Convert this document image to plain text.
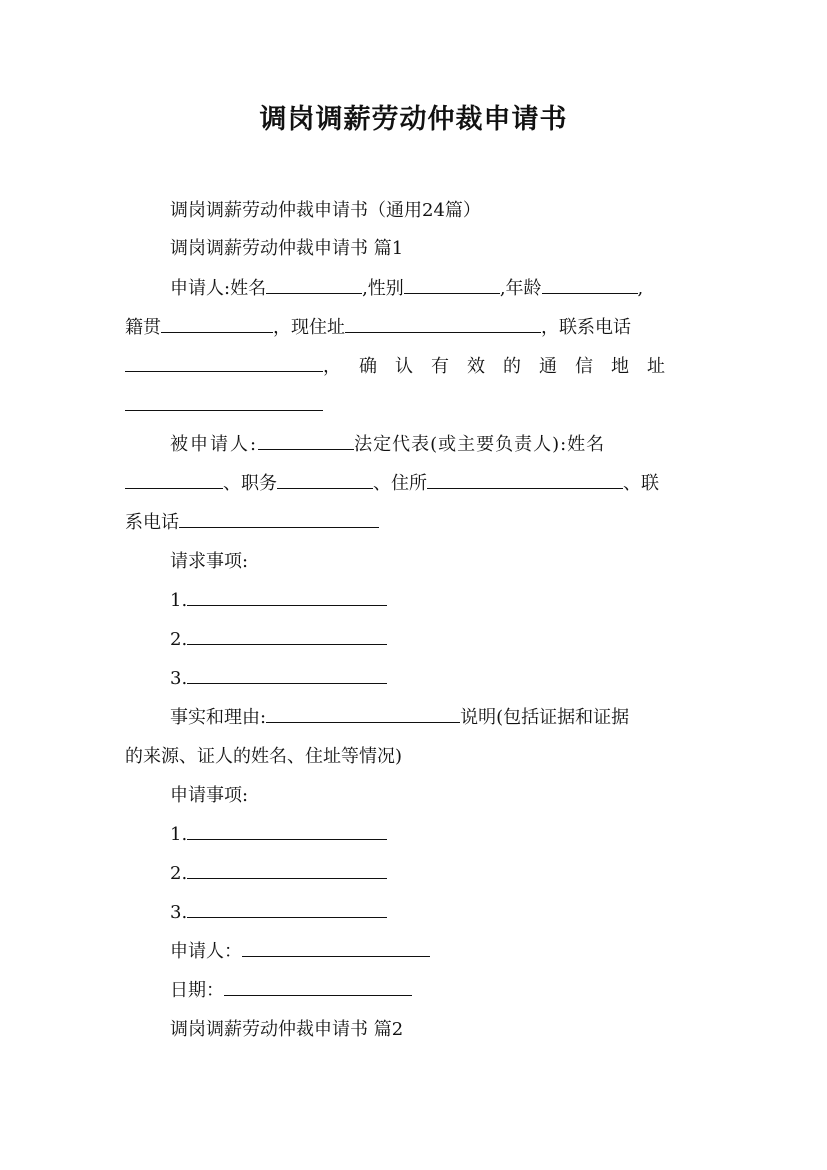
调岗调薪劳动仲裁申请书
调岗调薪劳动仲裁申请书（通用24篇）
调岗调薪劳动仲裁申请书 篇1
申请人:姓名	,性别	,年龄	,
籍贯	，现住址	，联系电话
，确认有效的通信地址
被申请人:	法定代表(或主要负责人):姓名
、职务	、住所	、联
系电话
请求事项:
1.
2.
3.
事实和理由:	说明(包括证据和证据
的来源、证人的姓名、住址等情况)
申请事项:
1.
2.
3.
申请人：
日期：
调岗调薪劳动仲裁申请书 篇2
